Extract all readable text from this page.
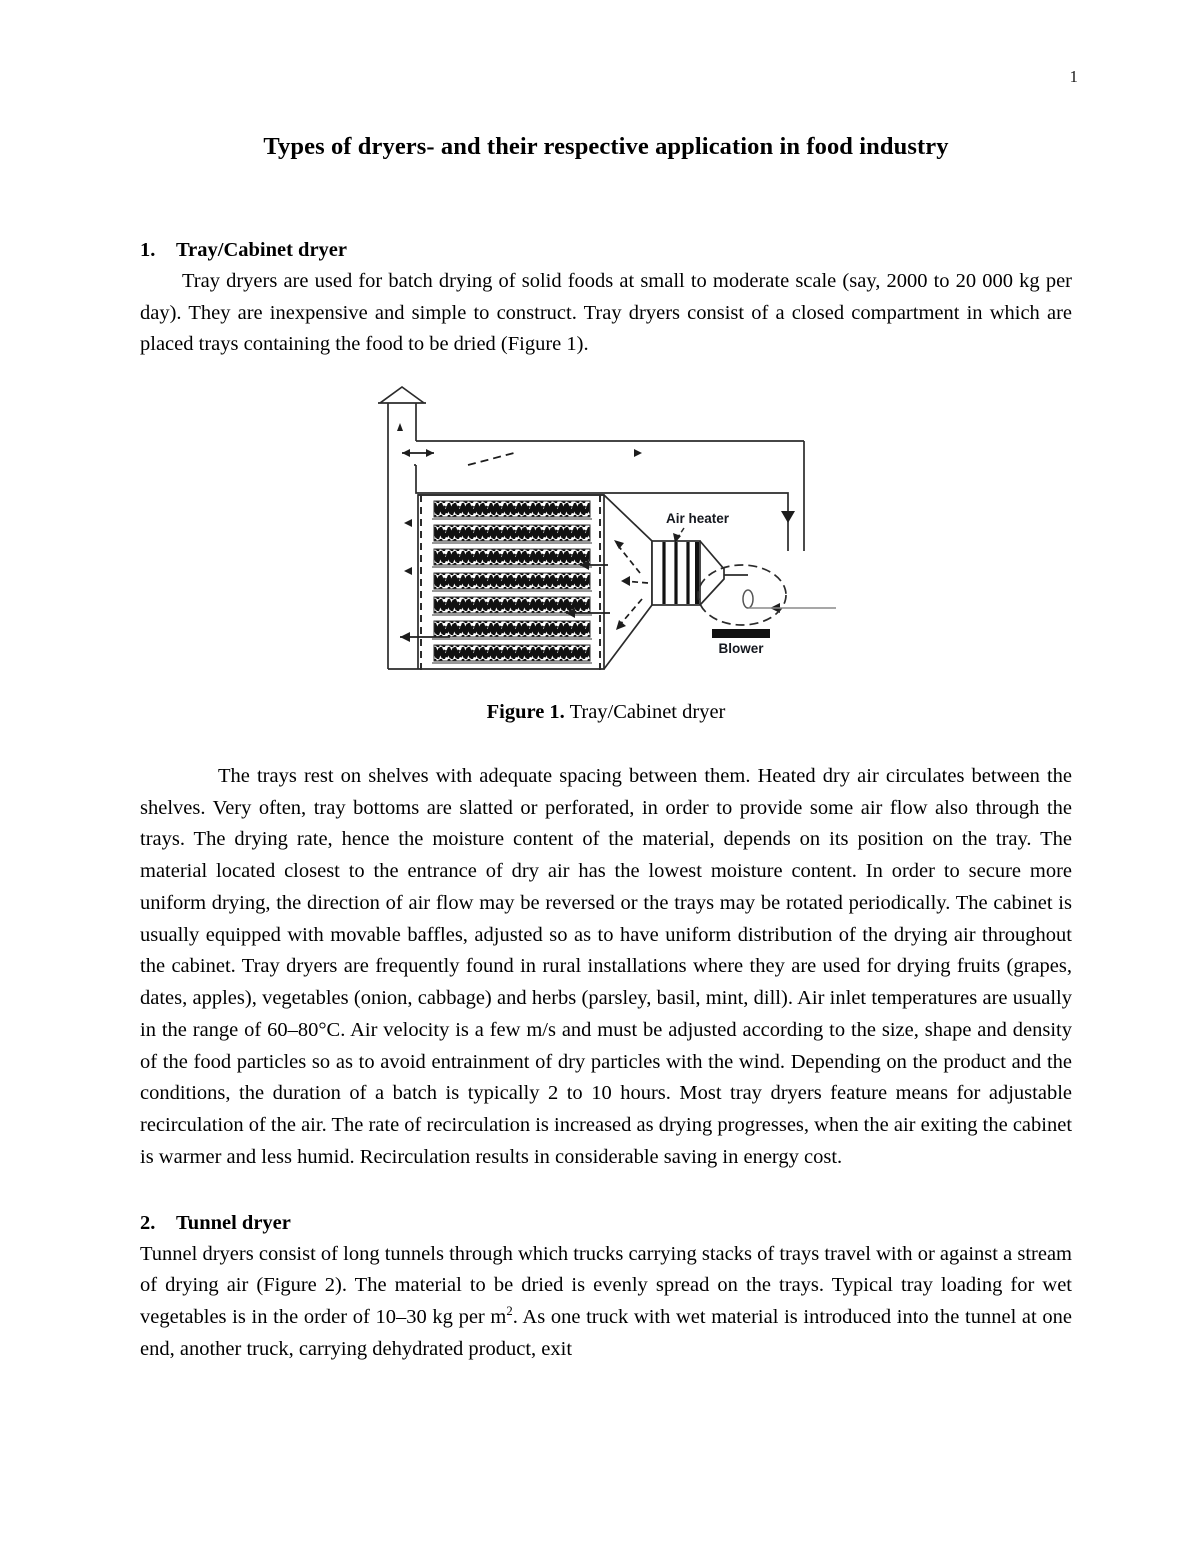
1
Types of dryers- and their respective application in food industry
1. Tray/Cabinet dryer

Tray dryers are used for batch drying of solid foods at small to moderate scale (say, 2000 to 20 000 kg per day). They are inexpensive and simple to construct. Tray dryers consist of a closed compartment in which are placed trays containing the food to be dried (Figure 1).

Air heater
Blower
Figure 1. Tray/Cabinet dryer

The trays rest on shelves with adequate spacing between them. Heated dry air circulates between the shelves. Very often, tray bottoms are slatted or perforated, in order to provide some air flow also through the trays. The drying rate, hence the moisture content of the material, depends on its position on the tray. The material located closest to the entrance of dry air has the lowest moisture content. In order to secure more uniform drying, the direction of air flow may be reversed or the trays may be rotated periodically. The cabinet is usually equipped with movable baffles, adjusted so as to have uniform distribution of the drying air throughout the cabinet. Tray dryers are frequently found in rural installations where they are used for drying fruits (grapes, dates, apples), vegetables (onion, cabbage) and herbs (parsley, basil, mint, dill). Air inlet temperatures are usually in the range of 60–80°C. Air velocity is a few m/s and must be adjusted according to the size, shape and density of the food particles so as to avoid entrainment of dry particles with the wind. Depending on the product and the conditions, the duration of a batch is typically 2 to 10 hours. Most tray dryers feature means for adjustable recirculation of the air. The rate of recirculation is increased as drying progresses, when the air exiting the cabinet is warmer and less humid. Recirculation results in considerable saving in energy cost.

2. Tunnel dryer

Tunnel dryers consist of long tunnels through which trucks carrying stacks of trays travel with or against a stream of drying air (Figure 2). The material to be dried is evenly spread on the trays. Typical tray loading for wet vegetables is in the order of 10–30 kg per $m^2$. As one truck with wet material is introduced into the tunnel at one end, another truck, carrying dehydrated product, exit
